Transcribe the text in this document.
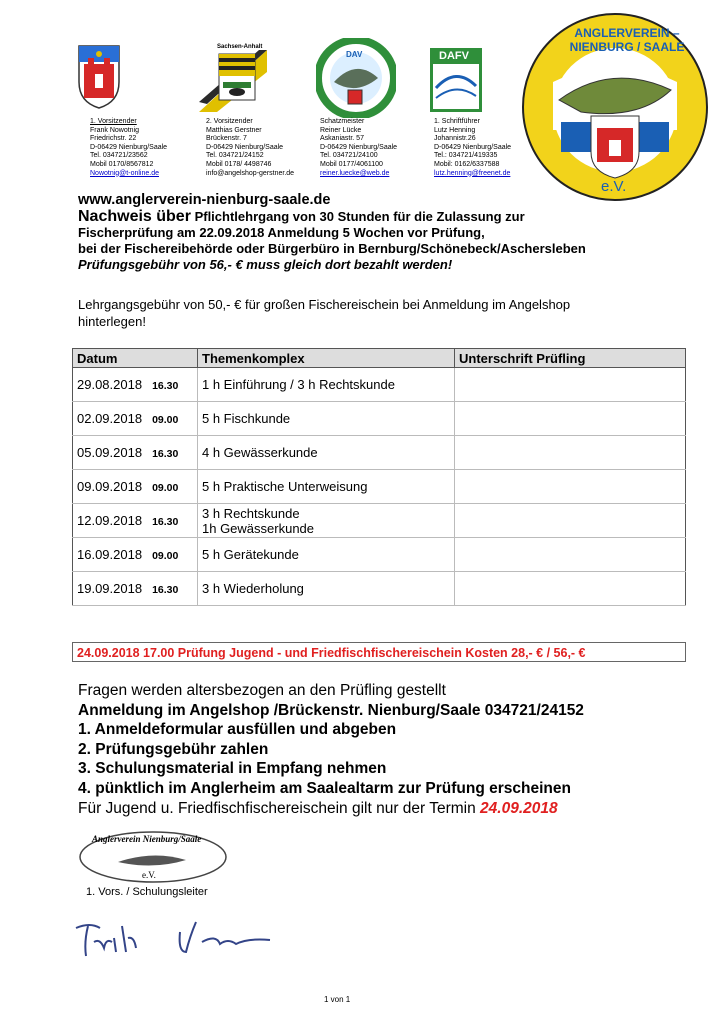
Sachsen-Anhalt
DAV	DAFV
ANGLERVEREIN – NIENBURG / SAALE
e.V.
1. Vorsitzender
Frank Nowotnig
Friedrichstr. 22
D-06429 Nienburg/Saale
Tel. 034721/23562
Mobil 0170/8567812
Nowotnig@t-online.de
2. Vorsitzender
Matthias Gerstner
Brückenstr. 7
D-06429 Nienburg/Saale
Tel. 034721/24152
Mobil 0178/ 4498746
info@angelshop-gerstner.de
Schatzmeister
Reiner Lücke
Askaniastr. 57
D-06429 Nienburg/Saale
Tel. 034721/24100
Mobil 0177/4061100
reiner.luecke@web.de
1. Schriftführer
Lutz Henning
Johannistr.26
D-06429 Nienburg/Saale
Tel.: 034721/419335
Mobil: 0162/6337588
lutz.henning@freenet.de
www.anglerverein-nienburg-saale.de
Nachweis über Pflichtlehrgang von 30 Stunden für die Zulassung zur
Fischerprüfung am 22.09.2018 Anmeldung 5 Wochen vor Prüfung,
bei der Fischereibehörde oder Bürgerbüro in Bernburg/Schönebeck/Aschersleben
Prüfungsgebühr von 56,- € muss gleich dort bezahlt werden!
Lehrgangsgebühr von 50,- € für großen Fischereischein bei Anmeldung im Angelshop
hinterlegen!
Datum	Themenkomplex	Unterschrift Prüfling
29.08.2018 16.30	1 h Einführung / 3 h Rechtskunde	

02.09.2018 09.00	5 h Fischkunde	

05.09.2018 16.30	4 h Gewässerkunde	

09.09.2018 09.00	5 h Praktische Unterweisung	

12.09.2018 16.30	3 h Rechtskunde
1h Gewässerkunde	

16.09.2018 09.00	5 h Gerätekunde	

19.09.2018 16.30	3 h Wiederholung	

24.09.2018 17.00 Prüfung Jugend - und Friedfischfischereischein Kosten 28,- € / 56,- €
Fragen werden altersbezogen an den Prüfling gestellt
Anmeldung im Angelshop /Brückenstr. Nienburg/Saale 034721/24152
1. Anmeldeformular ausfüllen und abgeben
2. Prüfungsgebühr zahlen
3. Schulungsmaterial in Empfang nehmen
4. pünktlich im Anglerheim am Saalealtarm zur Prüfung erscheinen
Für Jugend u. Friedfischfischereischein gilt nur der Termin 24.09.2018
Anglerverein Nienburg/Saale
e.V.
1. Vors. / Schulungsleiter
1 von 1
